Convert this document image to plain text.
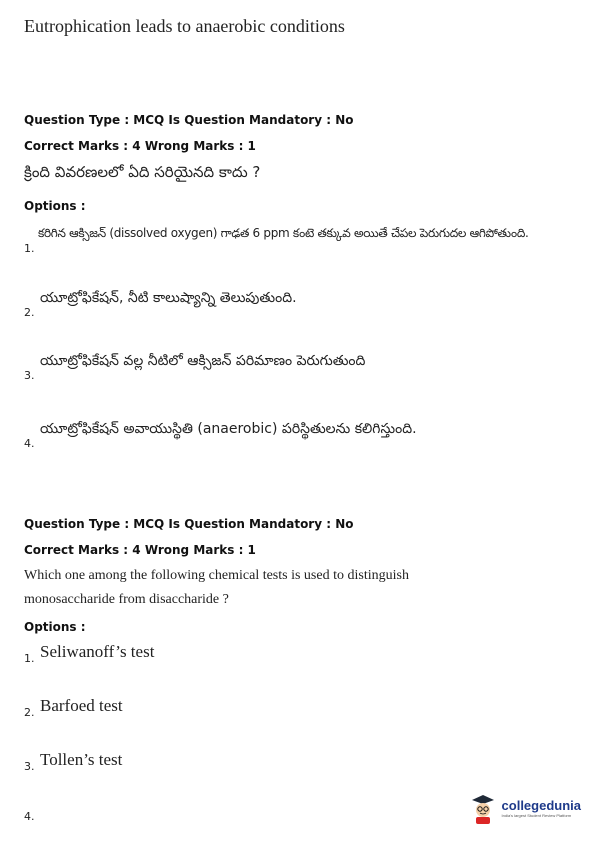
Eutrophication leads to anaerobic conditions
Question Type : MCQ Is Question Mandatory : No
Correct Marks : 4 Wrong Marks : 1
క్రింది వివరణలలో ఏది సరియైనది కాదు ?
Options :
1.
కరిగిన ఆక్సిజన్ (dissolved oxygen) గాఢత 6 ppm కంటె తక్కువ అయితే చేపల పెరుగుదల ఆగిపోతుంది.
2.
యూట్రోఫికేషన్, నీటి కాలుష్యాన్ని తెలుపుతుంది.
3.
యూట్రోఫికేషన్ వల్ల నీటిలో ఆక్సిజన్ పరిమాణం పెరుగుతుంది
4.
యూట్రోఫికేషన్ అవాయుస్థితి (anaerobic) పరిస్థితులను కలిగిస్తుంది.
Question Type : MCQ Is Question Mandatory : No
Correct Marks : 4 Wrong Marks : 1
Which one among the following chemical tests is used to distinguish monosaccharide from disaccharide ?
Options :
1. Seliwanoff’s test
2. Barfoed test
3. Tollen’s test
4.
collegedunia
India's largest Student Review Platform
